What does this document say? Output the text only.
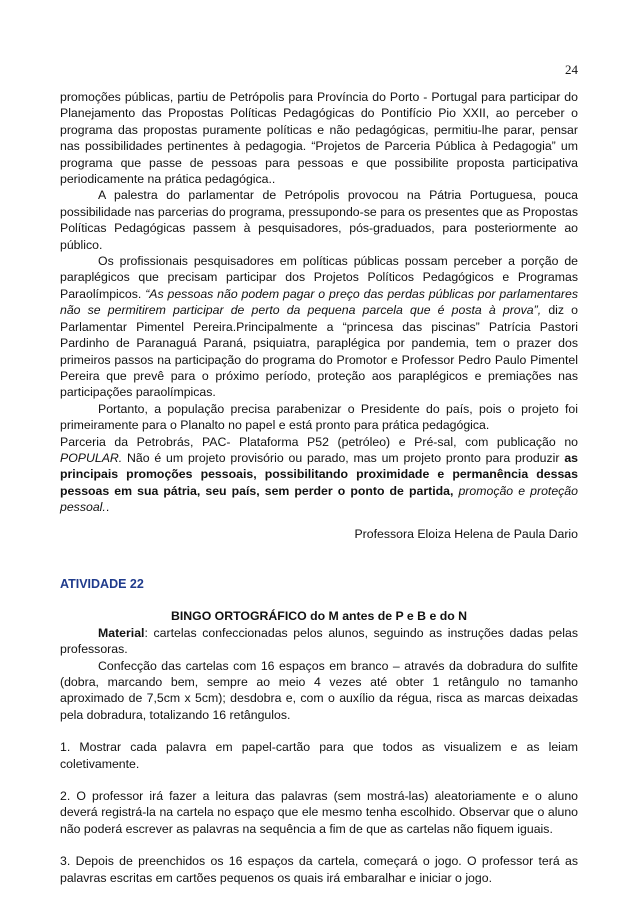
24

promoções públicas, partiu de Petrópolis para Província do Porto - Portugal para participar do Planejamento das Propostas Políticas Pedagógicas do Pontifício Pio XXII, ao perceber o programa das propostas puramente políticas e não pedagógicas, permitiu-lhe parar, pensar nas possibilidades pertinentes à pedagogia. “Projetos de Parceria Pública à Pedagogia” um programa que passe de pessoas para pessoas e que possibilite proposta participativa periodicamente na prática pedagógica..

A palestra do parlamentar de Petrópolis provocou na Pátria Portuguesa, pouca possibilidade nas parcerias do programa, pressupondo-se para os presentes que as Propostas Políticas Pedagógicas passem à pesquisadores, pós-graduados, para posteriormente ao público.

Os profissionais pesquisadores em políticas públicas possam perceber a porção de paraplégicos que precisam participar dos Projetos Políticos Pedagógicos e Programas Paraolímpicos. “As pessoas não podem pagar o preço das perdas públicas por parlamentares não se permitirem participar de perto da pequena parcela que é posta à prova”, diz o Parlamentar Pimentel Pereira.Principalmente a “princesa das piscinas” Patrícia Pastori Pardinho de Paranaguá Paraná, psiquiatra, paraplégica por pandemia, tem o prazer dos primeiros passos na participação do programa do Promotor e Professor Pedro Paulo Pimentel Pereira que prevê para o próximo período, proteção aos paraplégicos e premiações nas participações paraolímpicas.

Portanto, a população precisa parabenizar o Presidente do país, pois o projeto foi primeiramente para o Planalto no papel e está pronto para prática pedagógica.

Parceria da Petrobrás, PAC- Plataforma P52 (petróleo) e Pré-sal, com publicação no POPULAR. Não é um projeto provisório ou parado, mas um projeto pronto para produzir as principais promoções pessoais, possibilitando proximidade e permanência dessas pessoas em sua pátria, seu país, sem perder o ponto de partida, promoção e proteção pessoal..

Professora Eloiza Helena de Paula Dario

ATIVIDADE 22

BINGO ORTOGRÁFICO do M antes de P e B e do N

Material: cartelas confeccionadas pelos alunos, seguindo as instruções dadas pelas professoras.

Confecção das cartelas com 16 espaços em branco – através da dobradura do sulfite (dobra, marcando bem, sempre ao meio 4 vezes até obter 1 retângulo no tamanho aproximado de 7,5cm x 5cm); desdobra e, com o auxílio da régua, risca as marcas deixadas pela dobradura, totalizando 16 retângulos.

1. Mostrar cada palavra em papel-cartão para que todos as visualizem e as leiam coletivamente.

2. O professor irá fazer a leitura das palavras (sem mostrá-las) aleatoriamente e o aluno deverá registrá-la na cartela no espaço que ele mesmo tenha escolhido. Observar que o aluno não poderá escrever as palavras na sequência a fim de que as cartelas não fiquem iguais.

3. Depois de preenchidos os 16 espaços da cartela, começará o jogo. O professor terá as palavras escritas em cartões pequenos os quais irá embaralhar e iniciar o jogo.
